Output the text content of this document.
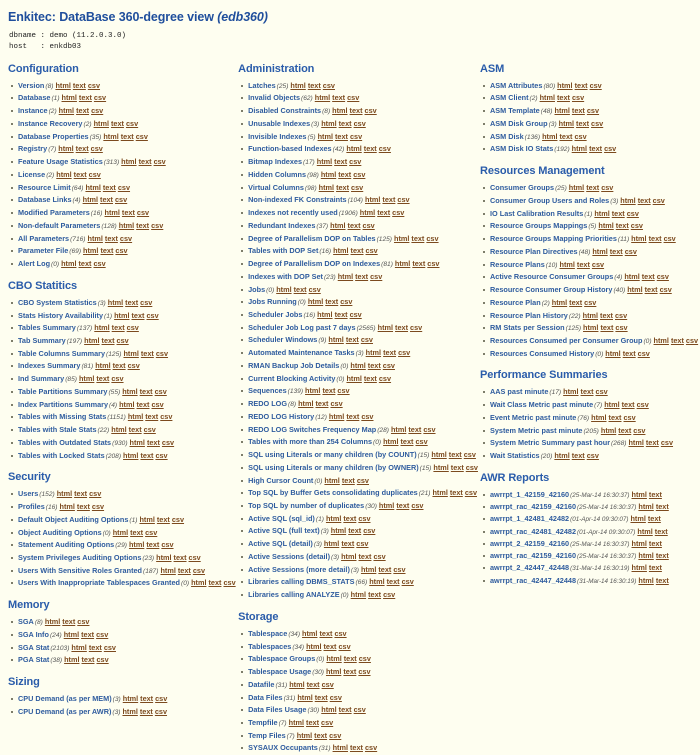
Enkitec: DataBase 360-degree view (edb360)
dbname : demo (11.2.0.3.0)
host   : enkdb03
Configuration
Version(8) html text csv
Database(1) html text csv
Instance(2) html text csv
Instance Recovery(2) html text csv
Database Properties(35) html text csv
Registry(7) html text csv
Feature Usage Statistics(313) html text csv
License(2) html text csv
Resource Limit(64) html text csv
Database Links(4) html text csv
Modified Parameters(16) html text csv
Non-default Parameters(128) html text csv
All Parameters(716) html text csv
Parameter File(69) html text csv
Alert Log(0) html text csv
CBO Statitics
CBO System Statistics(3) html text csv
Stats History Availability(1) html text csv
Tables Summary(137) html text csv
Tab Summary(197) html text csv
Table Columns Summary(125) html text csv
Indexes Summary(81) html text csv
Ind Summary(85) html text csv
Table Partitions Summary(55) html text csv
Index Partitions Summary(4) html text csv
Tables with Missing Stats(1151) html text csv
Tables with Stale Stats(22) html text csv
Tables with Outdated Stats(930) html text csv
Tables with Locked Stats(208) html text csv
Security
Users(152) html text csv
Profiles(16) html text csv
Default Object Auditing Options(1) html text csv
Object Auditing Options(0) html text csv
Statement Auditing Options(29) html text csv
System Privileges Auditing Options(23) html text csv
Users With Sensitive Roles Granted(187) html text csv
Users With Inappropriate Tablespaces Granted(0) html text csv
Memory
SGA(8) html text csv
SGA Info(24) html text csv
SGA Stat(2103) html text csv
PGA Stat(38) html text csv
Sizing
CPU Demand (as per MEM)(3) html text csv
CPU Demand (as per AWR)(3) html text csv
Administration
Latches(25) html text csv
Invalid Objects(62) html text csv
Disabled Constraints(8) html text csv
Unusable Indexes(3) html text csv
Invisible Indexes(5) html text csv
Function-based Indexes(42) html text csv
Bitmap Indexes(17) html text csv
Hidden Columns(98) html text csv
Virtual Columns(98) html text csv
Non-indexed FK Constraints(104) html text csv
Indexes not recently used(1906) html text csv
Redundant Indexes(37) html text csv
Degree of Parallelism DOP on Tables(125) html text csv
Tables with DOP Set(16) html text csv
Degree of Parallelism DOP on Indexes(81) html text csv
Indexes with DOP Set(23) html text csv
Jobs(0) html text csv
Jobs Running(0) html text csv
Scheduler Jobs(16) html text csv
Scheduler Job Log past 7 days(2565) html text csv
Scheduler Windows(9) html text csv
Automated Maintenance Tasks(3) html text csv
RMAN Backup Job Details(0) html text csv
Current Blocking Activity(0) html text csv
Sequences(139) html text csv
REDO LOG(8) html text csv
REDO LOG History(12) html text csv
REDO LOG Switches Frequency Map(28) html text csv
Tables with more than 254 Columns(0) html text csv
SQL using Literals or many children (by COUNT)(15) html text csv
SQL using Literals or many children (by OWNER)(15) html text csv
High Cursor Count(0) html text csv
Top SQL by Buffer Gets consolidating duplicates(21) html text csv
Top SQL by number of duplicates(30) html text csv
Active SQL (sql_id)(1) html text csv
Active SQL (full text)(3) html text csv
Active SQL (detail)(3) html text csv
Active Sessions (detail)(3) html text csv
Active Sessions (more detail)(3) html text csv
Libraries calling DBMS_STATS(66) html text csv
Libraries calling ANALYZE(0) html text csv
Storage
Tablespace(34) html text csv
Tablespaces(34) html text csv
Tablespace Groups(0) html text csv
Tablespace Usage(30) html text csv
Datafile(31) html text csv
Data Files(31) html text csv
Data Files Usage(30) html text csv
Tempfile(7) html text csv
Temp Files(7) html text csv
SYSAUX Occupants(31) html text csv
ASM
ASM Attributes(80) html text csv
ASM Client(2) html text csv
ASM Template(48) html text csv
ASM Disk Group(3) html text csv
ASM Disk(136) html text csv
ASM Disk IO Stats(192) html text csv
Resources Management
Consumer Groups(25) html text csv
Consumer Group Users and Roles(3) html text csv
IO Last Calibration Results(1) html text csv
Resource Groups Mappings(5) html text csv
Resource Groups Mapping Priorities(11) html text csv
Resource Plan Directives(48) html text csv
Resource Plans(10) html text csv
Active Resource Consumer Groups(4) html text csv
Resource Consumer Group History(40) html text csv
Resource Plan(2) html text csv
Resource Plan History(22) html text csv
RM Stats per Session(125) html text csv
Resources Consumed per Consumer Group(0) html text csv
Resources Consumed History(0) html text csv
Performance Summaries
AAS past minute(17) html text csv
Wait Class Metric past minute(7) html text csv
Event Metric past minute(76) html text csv
System Metric past minute(205) html text csv
System Metric Summary past hour(268) html text csv
Wait Statistics(20) html text csv
AWR Reports
awrrpt_1_42159_42160(25-Mar-14 16:30:37) html text
awrrpt_rac_42159_42160(25-Mar-14 16:30:37) html text
awrrpt_1_42481_42482(01-Apr-14 09:30:07) html text
awrrpt_rac_42481_42482(01-Apr-14 09:30:07) html text
awrrpt_2_42159_42160(25-Mar-14 16:30:37) html text
awrrpt_rac_42159_42160(25-Mar-14 16:30:37) html text
awrrpt_2_42447_42448(31-Mar-14 16:30:19) html text
awrrpt_rac_42447_42448(31-Mar-14 16:30:19) html text
